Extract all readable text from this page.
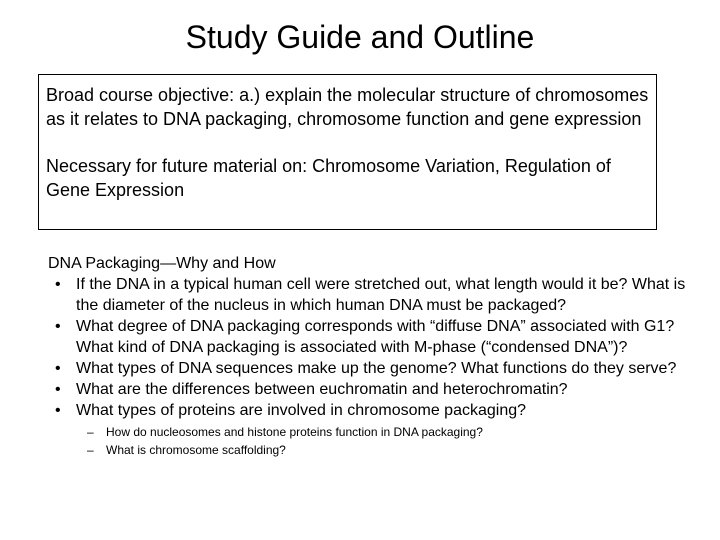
Study Guide and Outline

Broad course objective: a.) explain the molecular structure of chromosomes as it relates to DNA packaging, chromosome function and gene expression

Necessary for future material on: Chromosome Variation, Regulation of Gene Expression

DNA Packaging—Why and How

• If the DNA in a typical human cell were stretched out, what length would it be? What is the diameter of the nucleus in which human DNA must be packaged?
• What degree of DNA packaging corresponds with “diffuse DNA” associated with G1? What kind of DNA packaging is associated with M-phase (“condensed DNA”)?
• What types of DNA sequences make up the genome? What functions do they serve?
• What are the differences between euchromatin and heterochromatin?
• What types of proteins are involved in chromosome packaging?
–	How do nucleosomes and histone proteins function in DNA packaging?
–	What is chromosome scaffolding?
